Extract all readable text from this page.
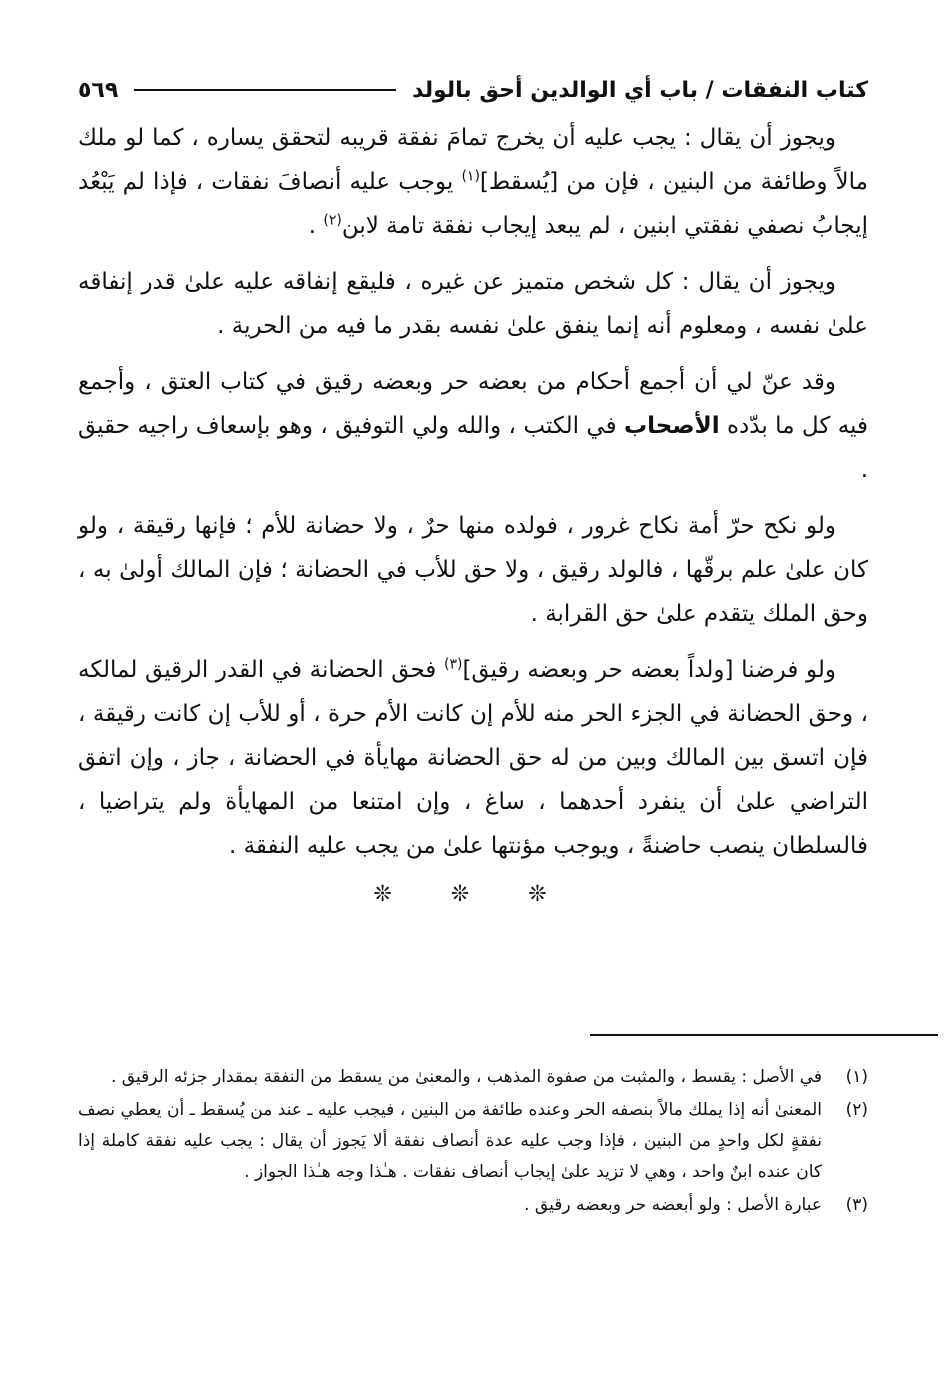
كتاب النفقات / باب أي الوالدين أحق بالولد
٥٦٩

ويجوز أن يقال : يجب عليه أن يخرج تمامَ نفقة قريبه لتحقق يساره ، كما لو ملك مالاً وطائفة من البنين ، فإن من [يُسقط]$^{(١)}$ يوجب عليه أنصافَ نفقات ، فإذا لم يَبْعُد إيجابُ نصفي نفقتي ابنين ، لم يبعد إيجاب نفقة تامة لابن$^{(٢)}$ .

ويجوز أن يقال : كل شخص متميز عن غيره ، فليقع إنفاقه عليه علىٰ قدر إنفاقه علىٰ نفسه ، ومعلوم أنه إنما ينفق علىٰ نفسه بقدر ما فيه من الحرية .

وقد عنّ لي أن أجمع أحكام من بعضه حر وبعضه رقيق في كتاب العتق ، وأجمع فيه كل ما بدّده الأصحاب في الكتب ، والله ولي التوفيق ، وهو بإسعاف راجيه حقيق .

ولو نكح حرّ أمة نكاح غرور ، فولده منها حرٌ ، ولا حضانة للأم ؛ فإنها رقيقة ، ولو كان علىٰ علم برقّها ، فالولد رقيق ، ولا حق للأب في الحضانة ؛ فإن المالك أولىٰ به ، وحق الملك يتقدم علىٰ حق القرابة .

ولو فرضنا [ولداً بعضه حر وبعضه رقيق]$^{(٣)}$ فحق الحضانة في القدر الرقيق لمالكه ، وحق الحضانة في الجزء الحر منه للأم إن كانت الأم حرة ، أو للأب إن كانت رقيقة ، فإن اتسق بين المالك وبين من له حق الحضانة مهايأة في الحضانة ، جاز ، وإن اتفق التراضي علىٰ أن ينفرد أحدهما ، ساغ ، وإن امتنعا من المهايأة ولم يتراضيا ، فالسلطان ينصب حاضنةً ، ويوجب مؤنتها علىٰ من يجب عليه النفقة .

❊ ❊ ❊
(١)
في الأصل : يقسط ، والمثبت من صفوة المذهب ، والمعنىٰ من يسقط من النفقة بمقدار جزئه الرقيق .
(٢)
المعنىٰ أنه إذا يملك مالاً بنصفه الحر وعنده طائفة من البنين ، فيجب عليه ـ عند من يُسقط ـ أن يعطي نصف نفقةٍ لكل واحدٍ من البنين ، فإذا وجب عليه عدة أنصاف نفقة ألا يَجوز أن يقال : يجب عليه نفقة كاملة إذا كان عنده ابنٌ واحد ، وهي لا تزيد علىٰ إيجاب أنصاف نفقات . هـٰذا وجه هـٰذا الجواز .
(٣)
عبارة الأصل : ولو أبعضه حر وبعضه رقيق .
